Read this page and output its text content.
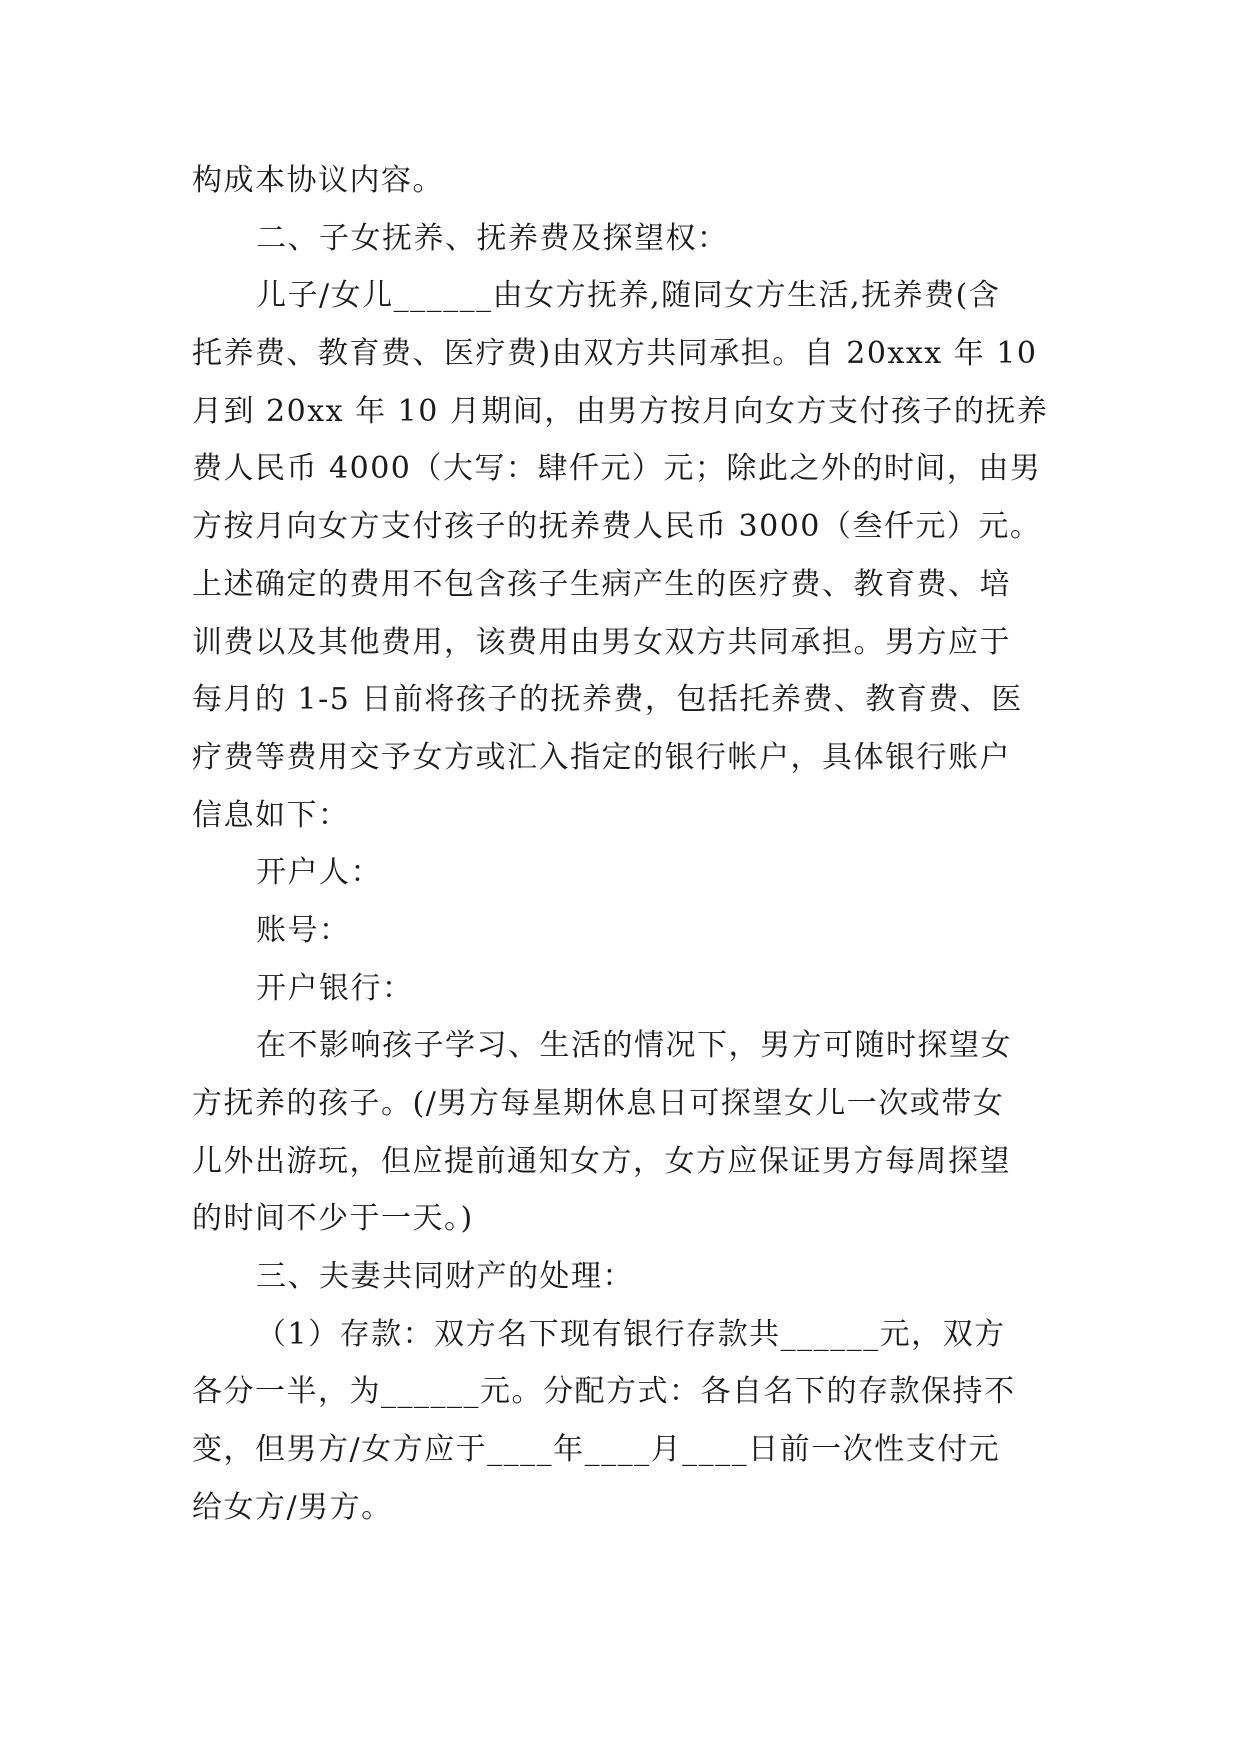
构成本协议内容。
二、子女抚养、抚养费及探望权：
儿子/女儿______由女方抚养,随同女方生活,抚养费(含
托养费、教育费、医疗费)由双方共同承担。自 20xxx 年 10
月到 20xx 年 10 月期间，由男方按月向女方支付孩子的抚养
费人民币 4000（大写：肆仟元）元；除此之外的时间，由男
方按月向女方支付孩子的抚养费人民币 3000（叁仟元）元。
上述确定的费用不包含孩子生病产生的医疗费、教育费、培
训费以及其他费用，该费用由男女双方共同承担。男方应于
每月的 1-5 日前将孩子的抚养费，包括托养费、教育费、医
疗费等费用交予女方或汇入指定的银行帐户，具体银行账户
信息如下：
开户人：
账号：
开户银行：
在不影响孩子学习、生活的情况下，男方可随时探望女
方抚养的孩子。(/男方每星期休息日可探望女儿一次或带女
儿外出游玩，但应提前通知女方，女方应保证男方每周探望
的时间不少于一天。)
三、夫妻共同财产的处理：
（1）存款：双方名下现有银行存款共______元，双方
各分一半，为______元。分配方式：各自名下的存款保持不
变，但男方/女方应于____年____月____日前一次性支付元
给女方/男方。
